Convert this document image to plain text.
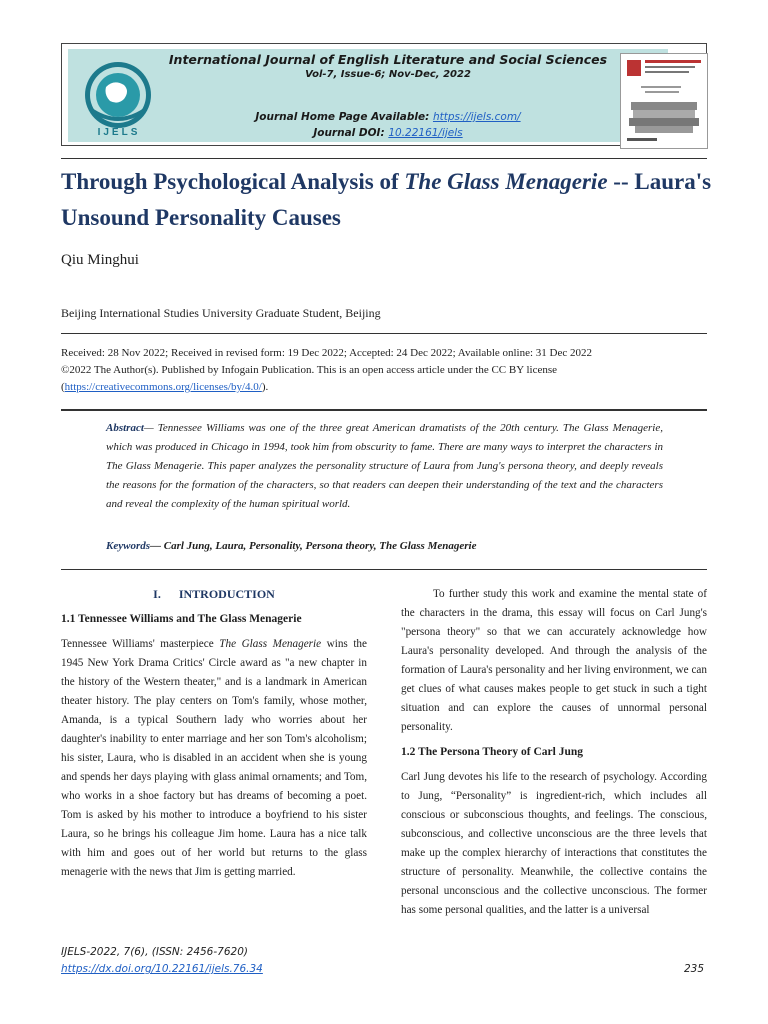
IJELS
International Journal of English Literature and Social Sciences
Vol-7, Issue-6; Nov-Dec, 2022
Journal Home Page Available: https://ijels.com/
Journal DOI: 10.22161/ijels
Through Psychological Analysis of The Glass Menagerie -- Laura's Unsound Personality Causes
Qiu Minghui
Beijing International Studies University Graduate Student, Beijing
Received: 28 Nov 2022; Received in revised form: 19 Dec 2022; Accepted: 24 Dec 2022; Available online: 31 Dec 2022
©2022 The Author(s). Published by Infogain Publication. This is an open access article under the CC BY license
(https://creativecommons.org/licenses/by/4.0/).
Abstract— Tennessee Williams was one of the three great American dramatists of the 20th century. The Glass Menagerie, which was produced in Chicago in 1994, took him from obscurity to fame. There are many ways to interpret the characters in The Glass Menagerie. This paper analyzes the personality structure of Laura from Jung's persona theory, and deeply reveals the reasons for the formation of the characters, so that readers can deepen their understanding of the text and the characters and reveal the complexity of the human spiritual world.
Keywords— Carl Jung, Laura, Personality, Persona theory, The Glass Menagerie
I.      INTRODUCTION
1.1 Tennessee Williams and The Glass Menagerie

Tennessee Williams' masterpiece The Glass Menagerie wins the 1945 New York Drama Critics' Circle award as "a new chapter in the history of the Western theater," and is a landmark in American theater history. The play centers on Tom's family, whose mother, Amanda, is a typical Southern lady who worries about her daughter's inability to enter marriage and her son Tom's alcoholism; his sister, Laura, who is disabled in an accident when she is young and spends her days playing with glass animal ornaments; and Tom, who works in a shoe factory but has dreams of becoming a poet. Tom is asked by his mother to introduce a boyfriend to his sister Laura, so he brings his colleague Jim home. Laura has a nice talk with him and goes out of her world but returns to the glass menagerie with the news that Jim is getting married.

To further study this work and examine the mental state of the characters in the drama, this essay will focus on Carl Jung's "persona theory" so that we can accurately acknowledge how Laura's personality developed. And through the analysis of the formation of Laura's personality and her living environment, we can get clues of what causes makes people to get stuck in such a tight situation and can explore the causes of unnormal personal personality.

1.2 The Persona Theory of Carl Jung

Carl Jung devotes his life to the research of psychology. According to Jung, “Personality” is ingredient-rich, which includes all conscious or subconscious thoughts, and feelings. The conscious, subconscious, and collective unconscious are the three levels that make up the complex hierarchy of interactions that constitutes the structure of personality. Meanwhile, the collective contains the personal unconscious and the collective unconscious. The former has some personal qualities, and the latter is a universal

IJELS-2022, 7(6), (ISSN: 2456-7620)
https://dx.doi.org/10.22161/ijels.76.34	235
